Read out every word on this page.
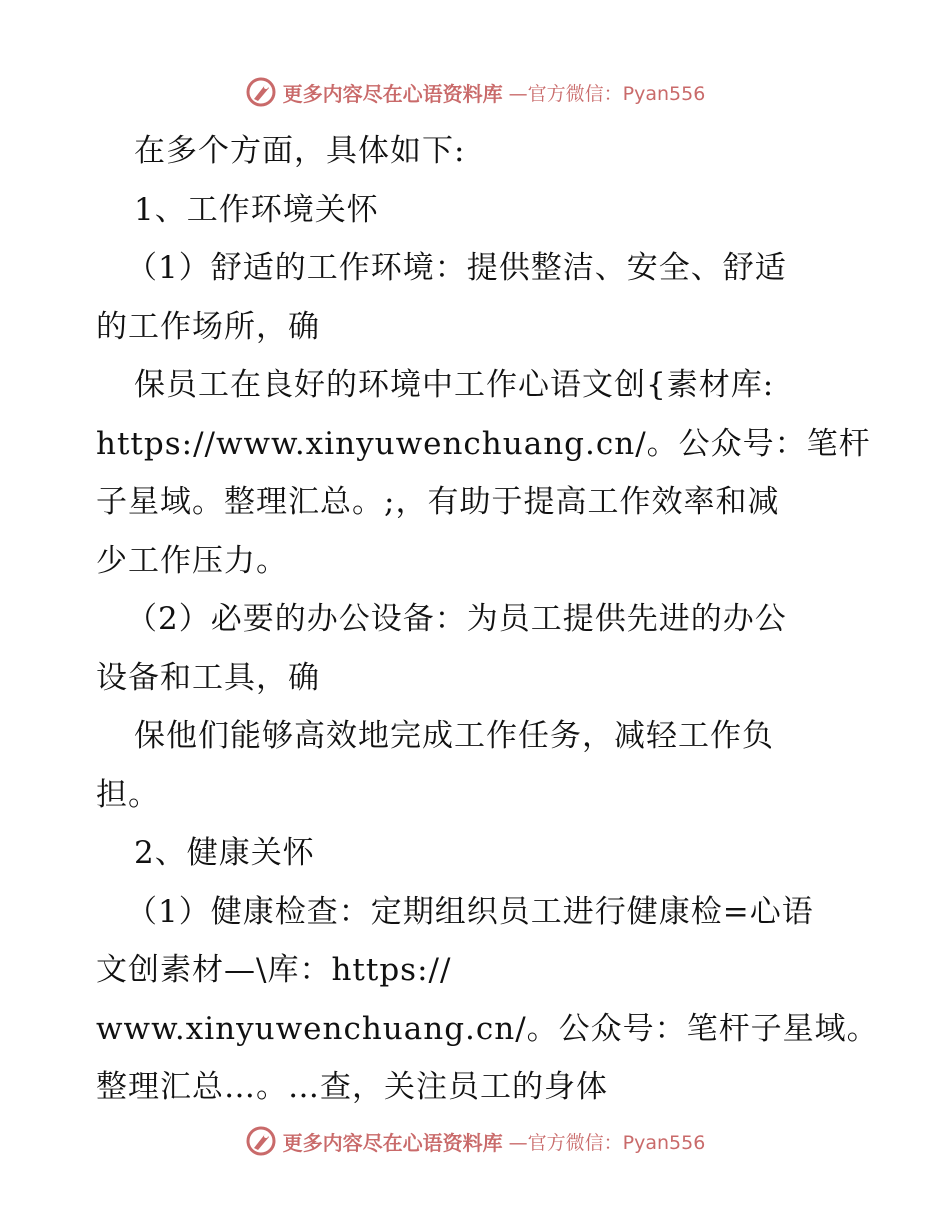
更多内容尽在心语资料库 —官方微信：Pyan556
在多个方面，具体如下:
1、工作环境关怀
（1）舒适的工作环境：提供整洁、安全、舒适
的工作场所，确
保员工在良好的环境中工作心语文创{素材库:
https://www.xinyuwenchuang.cn/。公众号：笔杆
子星域。整理汇总。;，有助于提高工作效率和减
少工作压力。
（2）必要的办公设备：为员工提供先进的办公
设备和工具，确
保他们能够高效地完成工作任务，减轻工作负
担。
2、健康关怀
（1）健康检查：定期组织员工进行健康检=心语
文创素材—\库：https://
www.xinyuwenchuang.cn/。公众号：笔杆子星域。
整理汇总…。…查，关注员工的身体
更多内容尽在心语资料库 —官方微信：Pyan556
